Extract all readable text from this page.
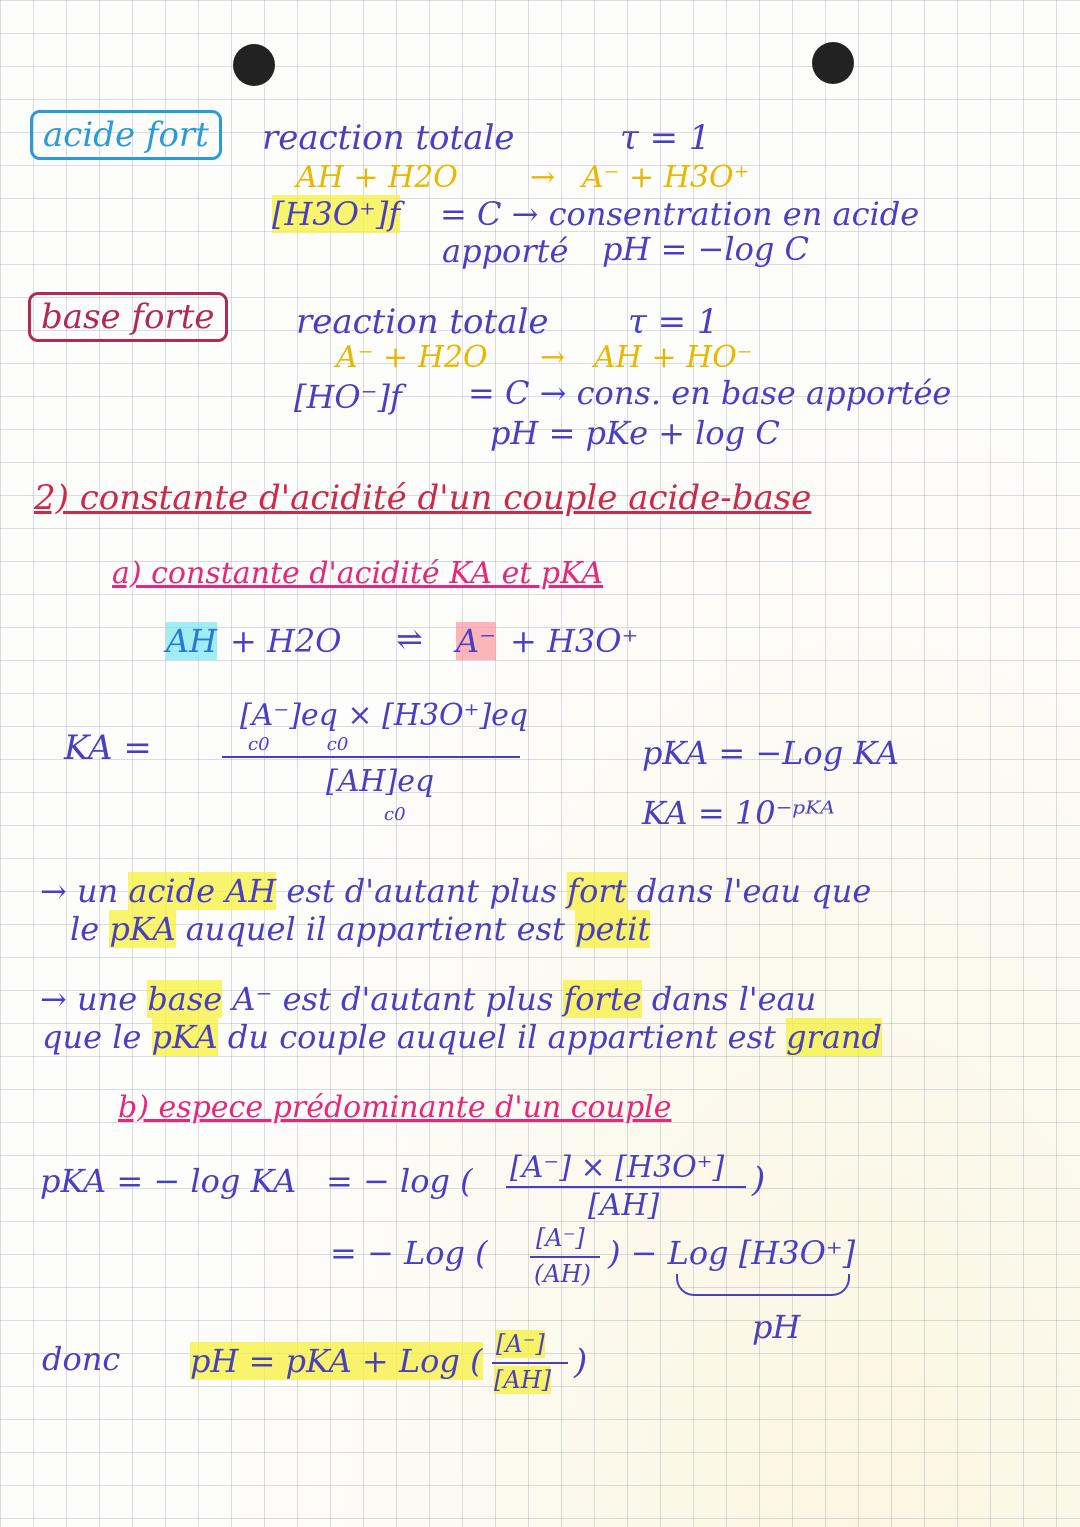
acide fort	reaction totale	τ = 1
AH + H2O → A⁻ + H3O⁺
[H3O⁺]f = C → consentration en acide
apporté pH = −log C
base forte	reaction totale τ = 1
A⁻ + H2O → AH + HO⁻
[HO⁻]f = C → cons. en base apportée
pH = pKe + log C
2) constante d'acidité d'un couple acide-base
a) constante d'acidité KA et pKA
AH + H2O ⇌ A⁻ + H3O⁺
KA =
[A⁻]eq × [H3O⁺]eq
c0          c0
[AH]eq
c0
pKA = −Log KA
KA = 10⁻ᵖᴷᴬ
→ un acide AH est d'autant plus fort dans l'eau que
le pKA auquel il appartient est petit
→ une base A⁻ est d'autant plus forte dans l'eau
que le pKA du couple auquel il appartient est grand
b) espece prédominante d'un couple
pKA = − log KA = − log ( [A⁻] × [H3O⁺]
[AH]
)
= − Log ( [A⁻]
(AH)
) − Log [H3O⁺]
pH
donc pH = pKA + Log ( [A⁻]
[AH] )
